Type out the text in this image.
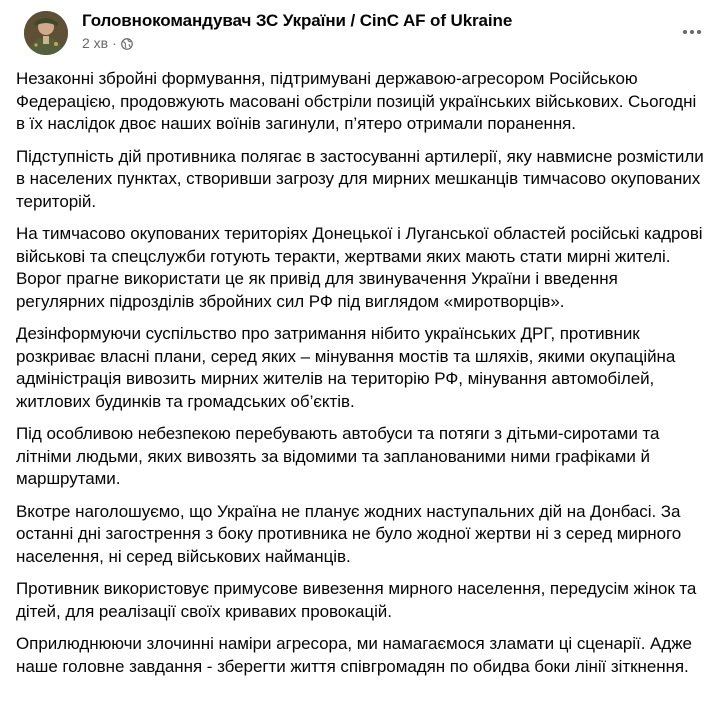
Головнокомандувач ЗС України / CinC AF of Ukraine
2 хв ·

Незаконні збройні формування, підтримувані державою-агресором Російською Федерацією, продовжують масовані обстріли позицій українських військових. Сьогодні в їх наслідок двоє наших воїнів загинули, п’ятеро отримали поранення.

Підступність дій противника полягає в застосуванні артилерії, яку навмисне розмістили в населених пунктах, створивши загрозу для мирних мешканців тимчасово окупованих територій.

На тимчасово окупованих територіях Донецької і Луганської областей російські кадрові військові та спецслужби готують теракти, жертвами яких мають стати мирні жителі. Ворог прагне використати це як привід для звинувачення України і введення регулярних підрозділів збройних сил РФ під виглядом «миротворців».

Дезінформуючи суспільство про затримання нібито українських ДРГ, противник розкриває власні плани, серед яких – мінування мостів та шляхів, якими окупаційна адміністрація вивозить мирних жителів на територію РФ, мінування автомобілей, житлових будинків та громадських об’єктів.

Під особливою небезпекою перебувають автобуси та потяги з дітьми-сиротами та літніми людьми, яких вивозять за відомими та запланованими ними графіками й маршрутами.

Вкотре наголошуємо, що Україна не планує жодних наступальних дій на Донбасі. За останні дні загострення з боку противника не було жодної жертви ні з серед мирного населення, ні серед військових найманців.

Противник використовує примусове вивезення мирного населення, передусім жінок та дітей, для реалізації своїх кривавих провокацій.

Оприлюднюючи злочинні наміри агресора, ми намагаємося зламати ці сценарії. Адже наше головне завдання - зберегти життя співгромадян по обидва боки лінії зіткнення.
